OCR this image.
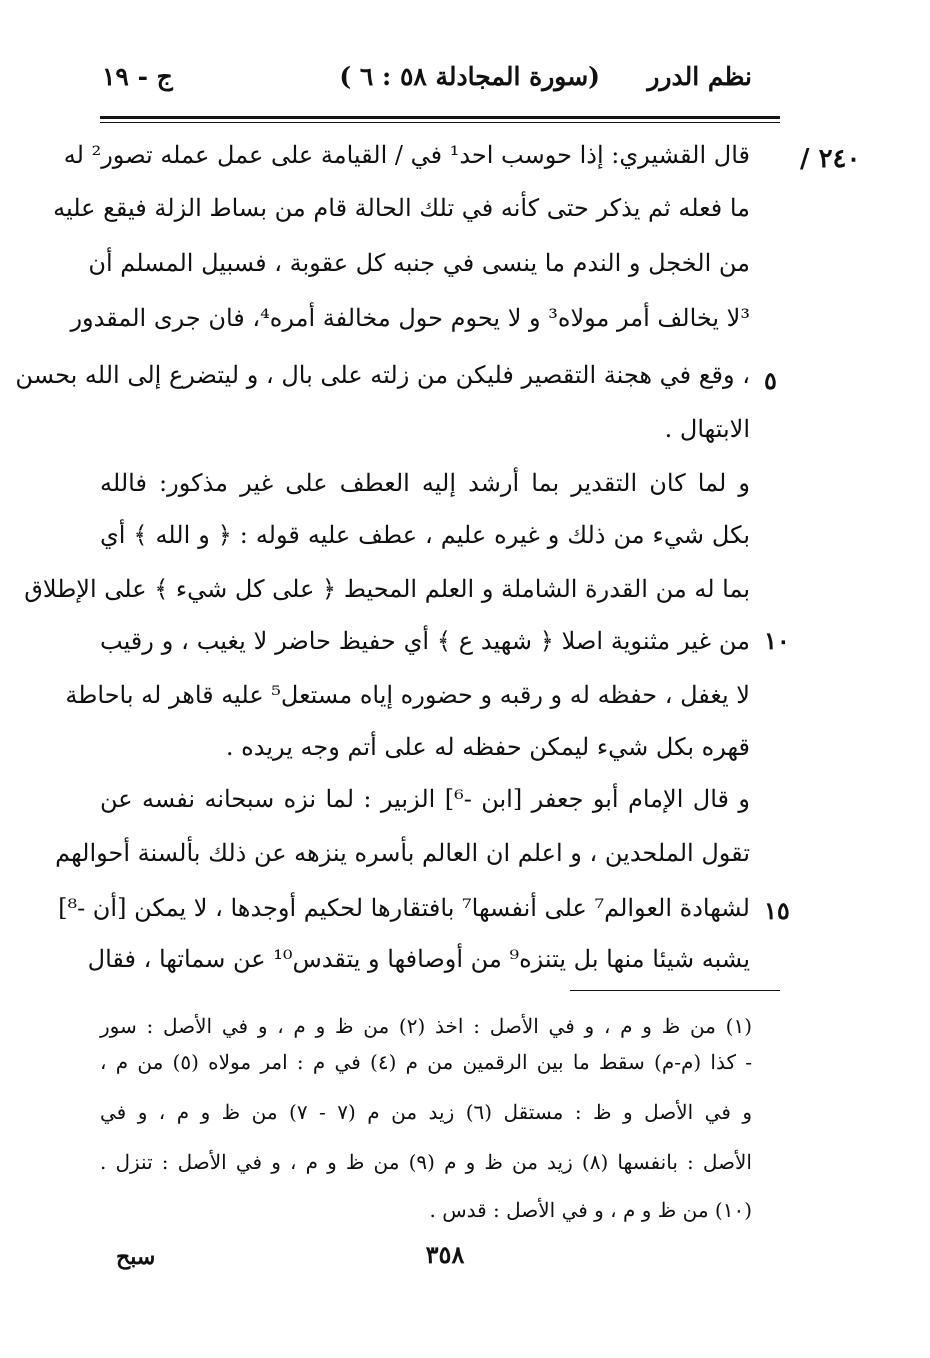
نظم الدرر
(سورة المجادلة ٥٨ : ٦ )
ج - ١٩
٢٤٠ /
٥
١٠
١٥
قال القشيري: إذا حوسب احد¹ في / القيامة على عمل عمله تصور² له
ما فعله ثم يذكر حتى كأنه في تلك الحالة قام من بساط الزلة فيقع عليه
من الخجل و الندم ما ينسى في جنبه كل عقوبة ، فسبيل المسلم أن
³لا يخالف أمر مولاه³ و لا يحوم حول مخالفة أمره⁴، فان جرى المقدور
، وقع في هجنة التقصير فليكن من زلته على بال ، و ليتضرع إلى الله بحسن
الابتهال .
و لما كان التقدير بما أرشد إليه العطف على غير مذكور: فالله
بكل شيء من ذلك و غيره عليم ، عطف عليه قوله : ﴿ و الله ﴾ أي
بما له من القدرة الشاملة و العلم المحيط ﴿ على كل شيء ﴾ على الإطلاق
من غير مثنوية اصلا ﴿ شهيد ع ﴾ أي حفيظ حاضر لا يغيب ، و رقيب
لا يغفل ، حفظه له و رقبه و حضوره إياه مستعل⁵ عليه قاهر له باحاطة
قهره بكل شيء ليمكن حفظه له على أتم وجه يريده .
و قال الإمام أبو جعفر [ابن -⁶] الزبير : لما نزه سبحانه نفسه عن
تقول الملحدين ، و اعلم ان العالم بأسره ينزهه عن ذلك بألسنة أحوالهم
لشهادة العوالم⁷ على أنفسها⁷ بافتقارها لحكيم أوجدها ، لا يمكن [أن -⁸]
يشبه شيئا منها بل يتنزه⁹ من أوصافها و يتقدس¹⁰ عن سماتها ، فقال
(١) من ظ و م ، و في الأصل : اخذ (٢) من ظ و م ، و في الأصل : سور
- كذا (م-م) سقط ما بين الرقمين من م (٤) في م : امر مولاه (٥) من م ،
و في الأصل و ظ : مستقل (٦) زيد من م (٧ - ٧) من ظ و م ، و في
الأصل : بانفسها (٨) زيد من ظ و م (٩) من ظ و م ، و في الأصل : تنزل .
(١٠) من ظ و م ، و في الأصل : قدس .
٣٥٨
سبح
